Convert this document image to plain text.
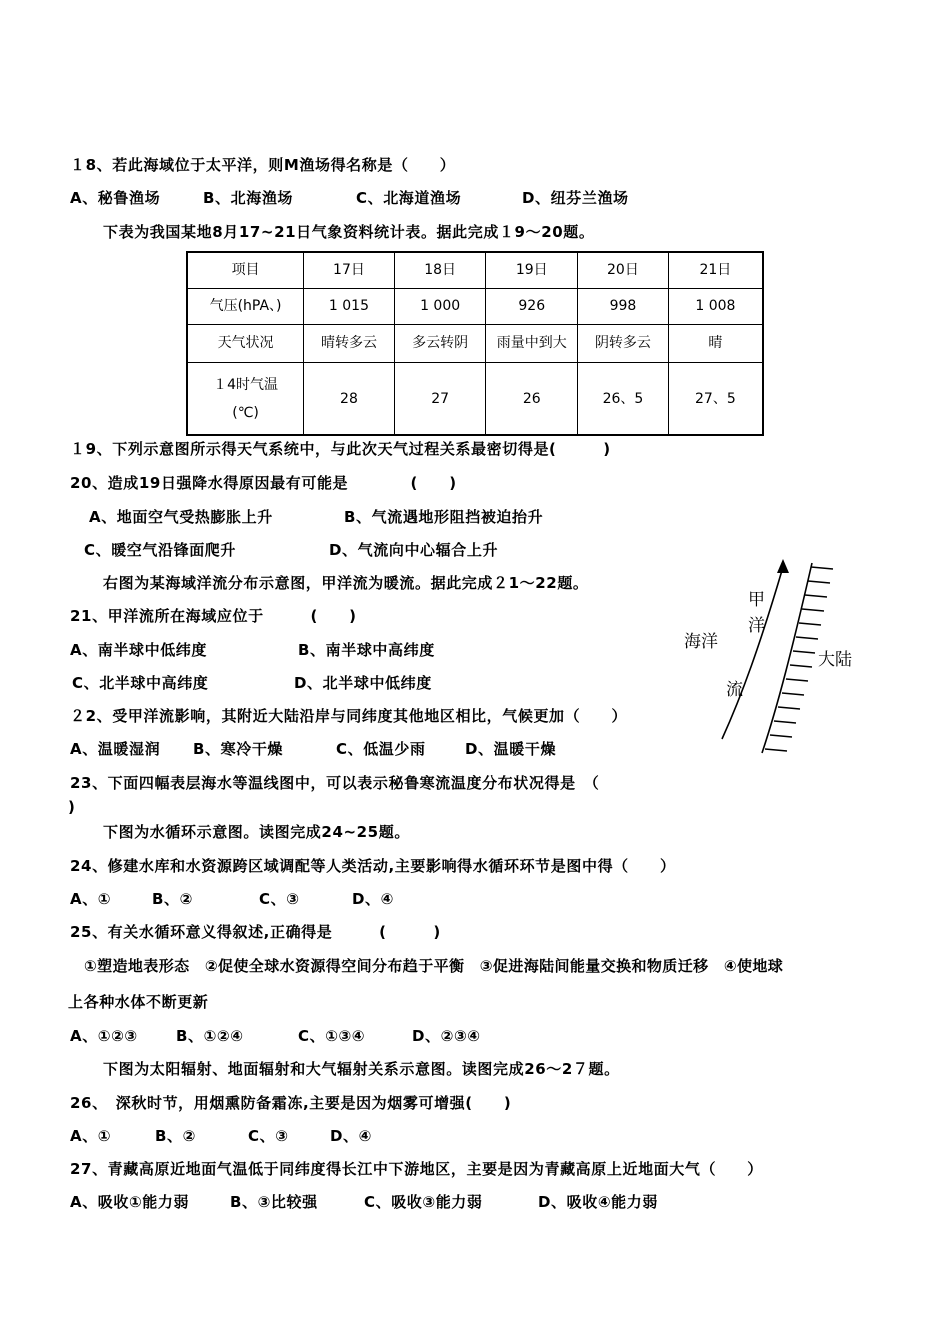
１8、若此海域位于太平洋，则M渔场得名称是（　　）
A、秘鲁渔场	B、北海渔场	C、北海道渔场	D、纽芬兰渔场
下表为我国某地8月17~21日气象资料统计表。据此完成１9～20题。
项目	17日	18日	19日	20日	21日
气压(hPA、)	1 015	1 000	926	998	1 008
天气状况	晴转多云	多云转阴	雨量中到大	阴转多云	晴

１4时气温
(℃)	28	27	26	26、5	27、5
１9、下列示意图所示得天气系统中，与此次天气过程关系最密切得是(　　　)
20、造成19日强降水得原因最有可能是　　　　(　　)
A、地面空气受热膨胀上升	B、气流遇地形阻挡被迫抬升
C、暖空气沿锋面爬升	D、气流向中心辐合上升
右图为某海域洋流分布示意图，甲洋流为暖流。据此完成２1～22题。
21、甲洋流所在海域应位于　　　(　　)
A、南半球中低纬度	B、南半球中高纬度
C、北半球中高纬度	D、北半球中低纬度
２2、受甲洋流影响，其附近大陆沿岸与同纬度其他地区相比，气候更加（　　）
A、温暖湿润 B、寒冷干燥	C、低温少雨	D、温暖干燥
23、下面四幅表层海水等温线图中，可以表示秘鲁寒流温度分布状况得是　（
)
下图为水循环示意图。读图完成24~25题。
24、修建水库和水资源跨区域调配等人类活动,主要影响得水循环环节是图中得（　　）
A、①	B、②	C、③	D、④
25、有关水循环意义得叙述,正确得是　　　(　　　)
①塑造地表形态　②促使全球水资源得空间分布趋于平衡　③促进海陆间能量交换和物质迁移　④使地球
上各种水体不断更新
A、①②③	B、①②④	C、①③④	D、②③④
下图为太阳辐射、地面辐射和大气辐射关系示意图。读图完成26～2７题。
26、　深秋时节，用烟熏防备霜冻,主要是因为烟雾可增强(　　)
A、①	B、②	C、③	D、④
27、青藏高原近地面气温低于同纬度得长江中下游地区，主要是因为青藏高原上近地面大气（　　）
A、吸收①能力弱	B、③比较强	C、吸收③能力弱	D、吸收④能力弱
甲
洋
海洋
大陆
流
